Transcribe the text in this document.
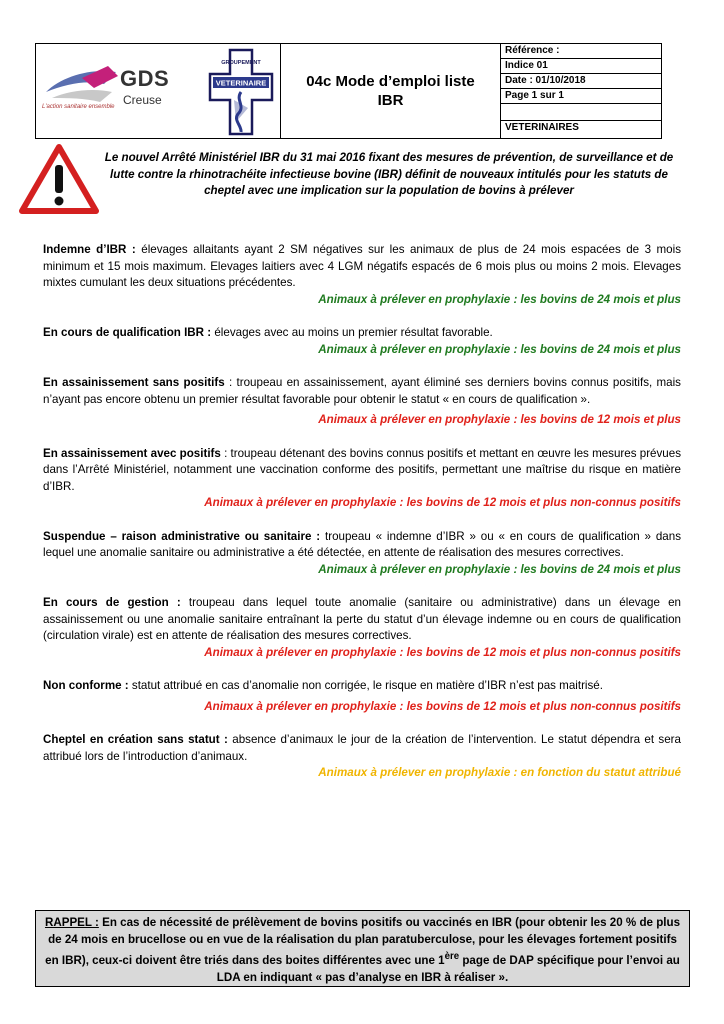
GDS
Creuse
L'action sanitaire ensemble
GROUPEMENT
VETERINAIRE	04c Mode d’emploi liste
IBR
Référence :
Indice 01
Date : 01/10/2018
Page 1 sur 1
VETERINAIRES
Le nouvel Arrêté Ministériel IBR du 31 mai 2016 fixant des mesures de prévention, de surveillance et de lutte contre la rhinotrachéite infectieuse bovine (IBR) définit de nouveaux intitulés pour les statuts de cheptel avec une implication sur la population de bovins à prélever
Indemne d’IBR : élevages allaitants ayant 2 SM négatives sur les animaux de plus de 24 mois espacées de 3 mois minimum et 15 mois maximum. Elevages laitiers avec 4 LGM négatifs espacés de 6 mois plus ou moins 2 mois. Elevages mixtes cumulant les deux situations précédentes.
Animaux à prélever en prophylaxie : les bovins de 24 mois et plus
En cours de qualification IBR : élevages avec au moins un premier résultat favorable.
Animaux à prélever en prophylaxie : les bovins de 24 mois et plus
En assainissement sans positifs : troupeau en assainissement, ayant éliminé ses derniers bovins connus positifs, mais n’ayant pas encore obtenu un premier résultat favorable pour obtenir le statut « en cours de qualification ».
Animaux à prélever en prophylaxie : les bovins de 12 mois et plus
En assainissement avec positifs : troupeau détenant des bovins connus positifs et mettant en œuvre les mesures prévues dans l’Arrêté Ministériel, notamment une vaccination conforme des positifs, permettant une maîtrise du risque en matière d’IBR.
Animaux à prélever en prophylaxie : les bovins de 12 mois et plus non-connus positifs
Suspendue – raison administrative ou sanitaire : troupeau « indemne d’IBR » ou « en cours de qualification » dans lequel une anomalie sanitaire ou administrative a été détectée, en attente de réalisation des mesures correctives.
Animaux à prélever en prophylaxie : les bovins de 24 mois et plus
En cours de gestion : troupeau dans lequel toute anomalie (sanitaire ou administrative) dans un élevage en assainissement ou une anomalie sanitaire entraînant la perte du statut d’un élevage indemne ou en cours de qualification (circulation virale) est en attente de réalisation des mesures correctives.
Animaux à prélever en prophylaxie : les bovins de 12 mois et plus non-connus positifs
Non conforme : statut attribué en cas d’anomalie non corrigée, le risque en matière d’IBR n’est pas maitrisé.
Animaux à prélever en prophylaxie : les bovins de 12 mois et plus non-connus positifs
Cheptel en création sans statut : absence d’animaux le jour de la création de l’intervention. Le statut dépendra et sera attribué lors de l’introduction d’animaux.
Animaux à prélever en prophylaxie : en fonction du statut attribué
RAPPEL : En cas de nécessité de prélèvement de bovins positifs ou vaccinés en IBR (pour obtenir les 20 % de plus de 24 mois en brucellose ou en vue de la réalisation du plan paratuberculose, pour les élevages fortement positifs en IBR), ceux-ci doivent être triés dans des boites différentes avec une 1ère page de DAP spécifique pour l’envoi au LDA en indiquant « pas d’analyse en IBR à réaliser ».
